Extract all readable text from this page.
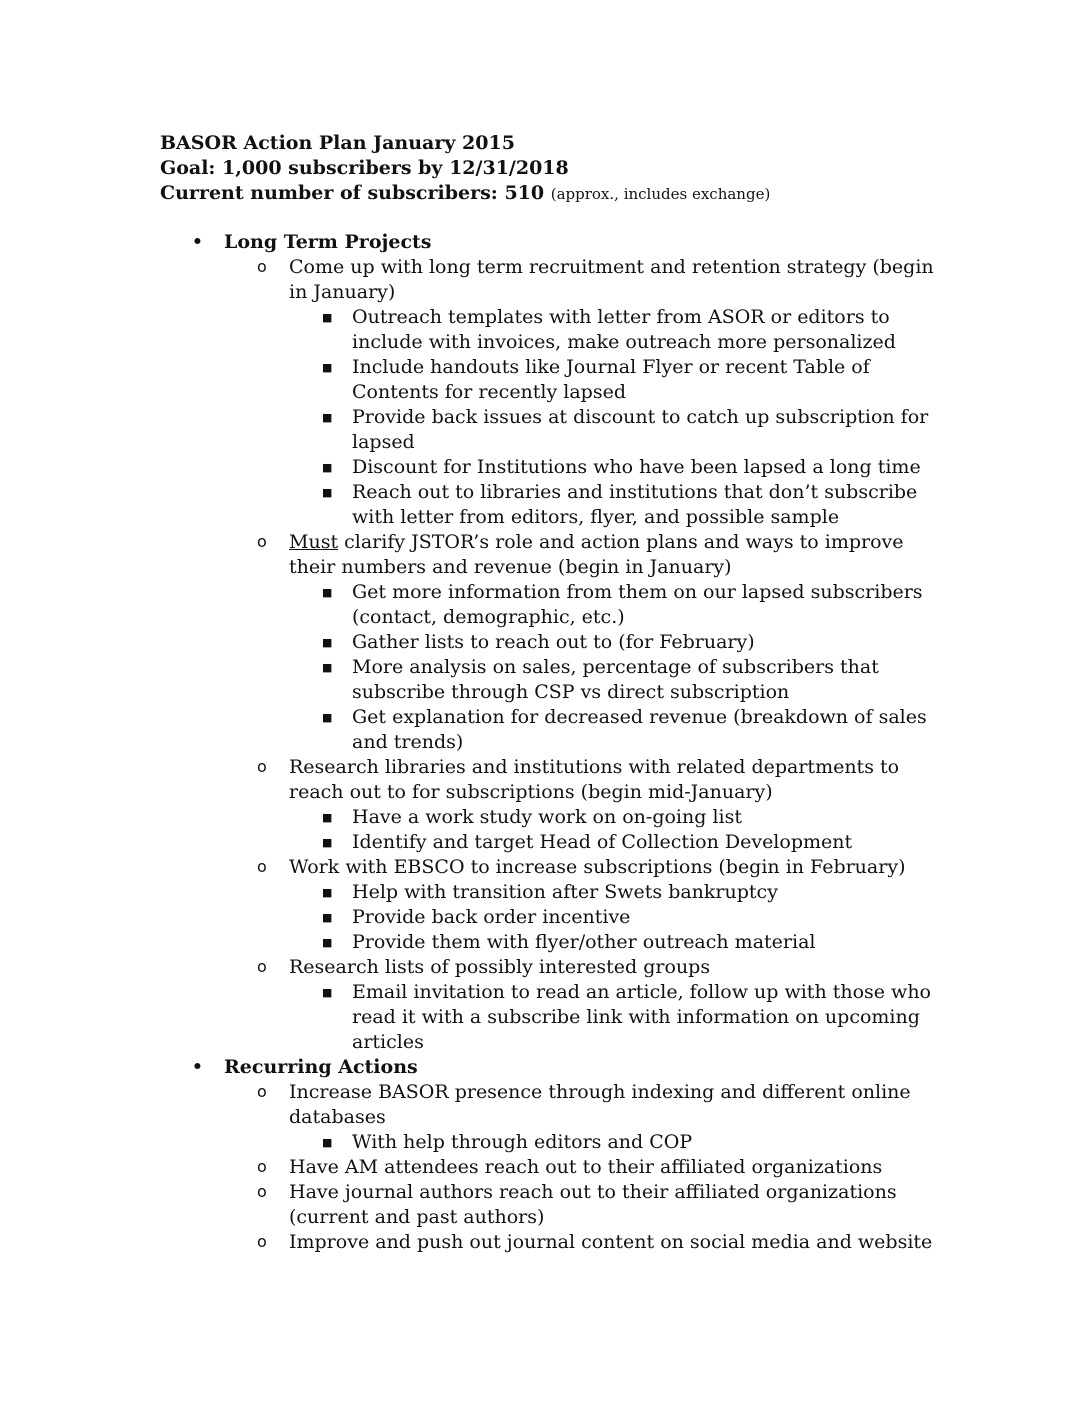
BASOR Action Plan January 2015
Goal: 1,000 subscribers by 12/31/2018
Current number of subscribers: 510 (approx., includes exchange)
• Long Term Projects
o Come up with long term recruitment and retention strategy (begin in January)
■ Outreach templates with letter from ASOR or editors to include with invoices, make outreach more personalized
■ Include handouts like Journal Flyer or recent Table of Contents for recently lapsed
■ Provide back issues at discount to catch up subscription for lapsed
■ Discount for Institutions who have been lapsed a long time
■ Reach out to libraries and institutions that don’t subscribe with letter from editors, flyer, and possible sample
o Must clarify JSTOR’s role and action plans and ways to improve their numbers and revenue (begin in January)
■ Get more information from them on our lapsed subscribers (contact, demographic, etc.)
■ Gather lists to reach out to (for February)
■ More analysis on sales, percentage of subscribers that subscribe through CSP vs direct subscription
■ Get explanation for decreased revenue (breakdown of sales and trends)
o Research libraries and institutions with related departments to reach out to for subscriptions (begin mid-January)
■ Have a work study work on on-going list
■ Identify and target Head of Collection Development
o Work with EBSCO to increase subscriptions (begin in February)
■ Help with transition after Swets bankruptcy
■ Provide back order incentive
■ Provide them with flyer/other outreach material
o Research lists of possibly interested groups
■ Email invitation to read an article, follow up with those who read it with a subscribe link with information on upcoming articles
• Recurring Actions
o Increase BASOR presence through indexing and different online databases
■ With help through editors and COP
o Have AM attendees reach out to their affiliated organizations
o Have journal authors reach out to their affiliated organizations (current and past authors)
o Improve and push out journal content on social media and website
